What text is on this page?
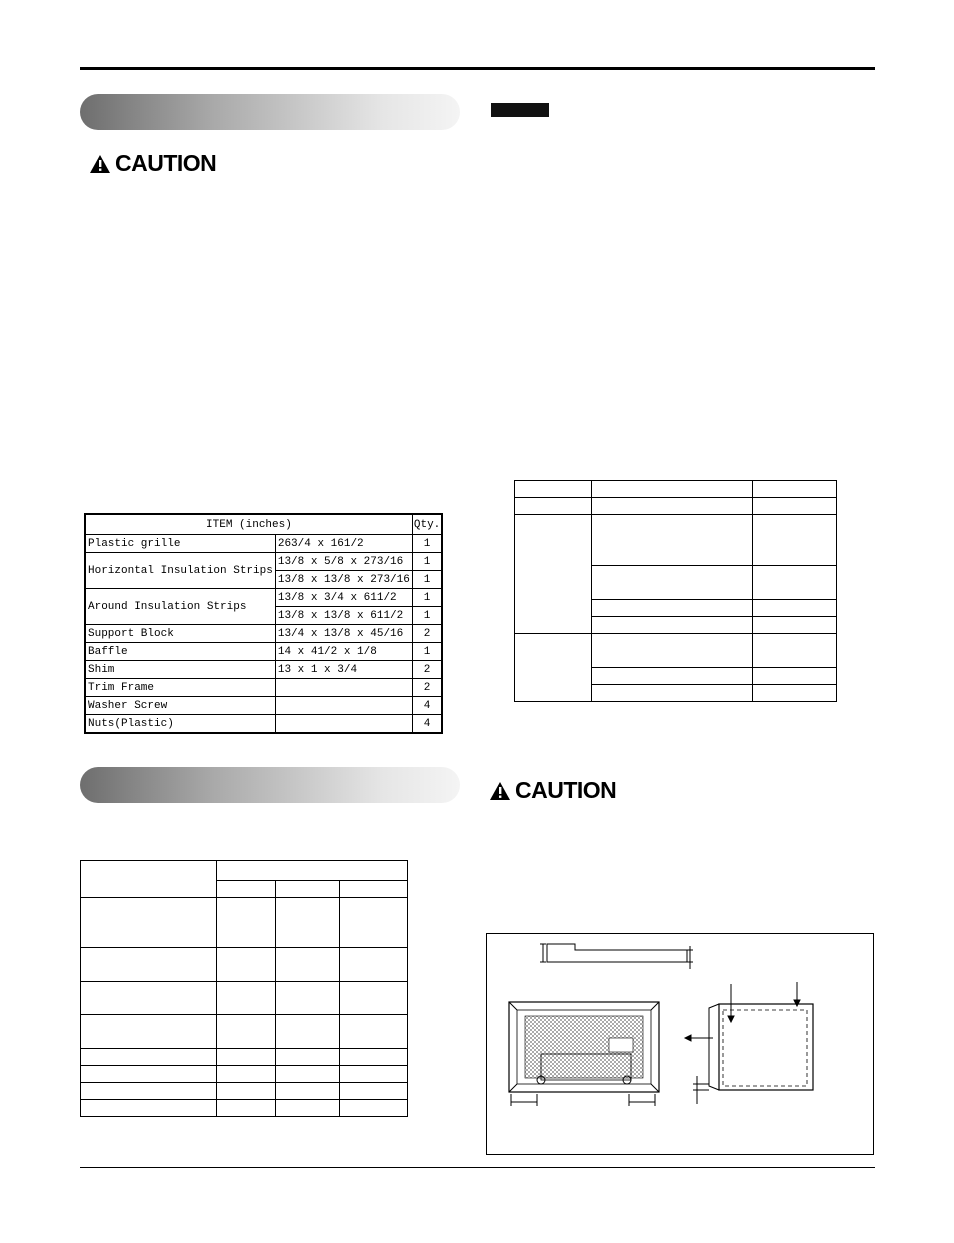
CAUTION
ITEM (inches)		Qty.
Plastic grille	263/4 x 161/2	1
Horizontal Insulation Strips	13/8 x 5/8 x 273/16	1
	13/8 x 13/8 x 273/16	1
Around Insulation Strips	13/8 x 3/4 x 611/2	1
	13/8 x 13/8 x 611/2	1
Support Block	13/4 x 13/8 x 45/16	2
Baffle	14 x 41/2 x 1/8	1
Shim	13 x 1 x 3/4	2
Trim Frame		2
Washer Screw		4
Nuts(Plastic)		4

CAUTION
